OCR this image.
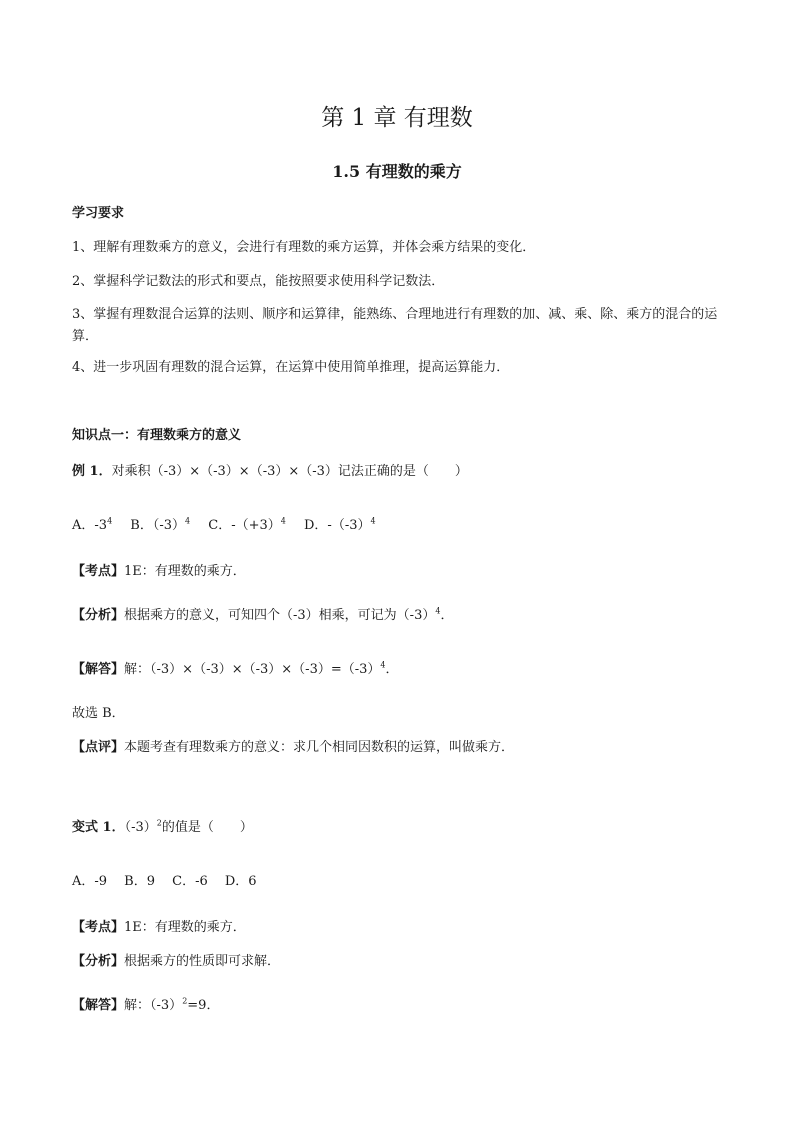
第 1 章 有理数
1.5 有理数的乘方
学习要求
1、理解有理数乘方的意义，会进行有理数的乘方运算，并体会乘方结果的变化．
2、掌握科学记数法的形式和要点，能按照要求使用科学记数法．
3、掌握有理数混合运算的法则、顺序和运算律，能熟练、合理地进行有理数的加、减、乘、除、乘方的混合的运算．
4、进一步巩固有理数的混合运算，在运算中使用简单推理，提高运算能力．
知识点一：有理数乘方的意义
例 1．对乘积（-3）×（-3）×（-3）×（-3）记法正确的是（　　）
A．$-3^4$ B．$(-3)^4$ C．$-(+3)^4$ D．$-(-3)^4$
【考点】1E：有理数的乘方．
【分析】根据乘方的意义，可知四个（-3）相乘，可记为$(-3)^4$．
【解答】解：$(-3)\times(-3)\times(-3)\times(-3)=(-3)^4$．
故选 B．
【点评】本题考查有理数乘方的意义：求几个相同因数积的运算，叫做乘方．
变式 1．$(-3)^2$的值是（　　）
A．-9　 B．9　 C．-6　 D．6
【考点】1E：有理数的乘方．
【分析】根据乘方的性质即可求解．
【解答】解：$(-3)^2=9$．
